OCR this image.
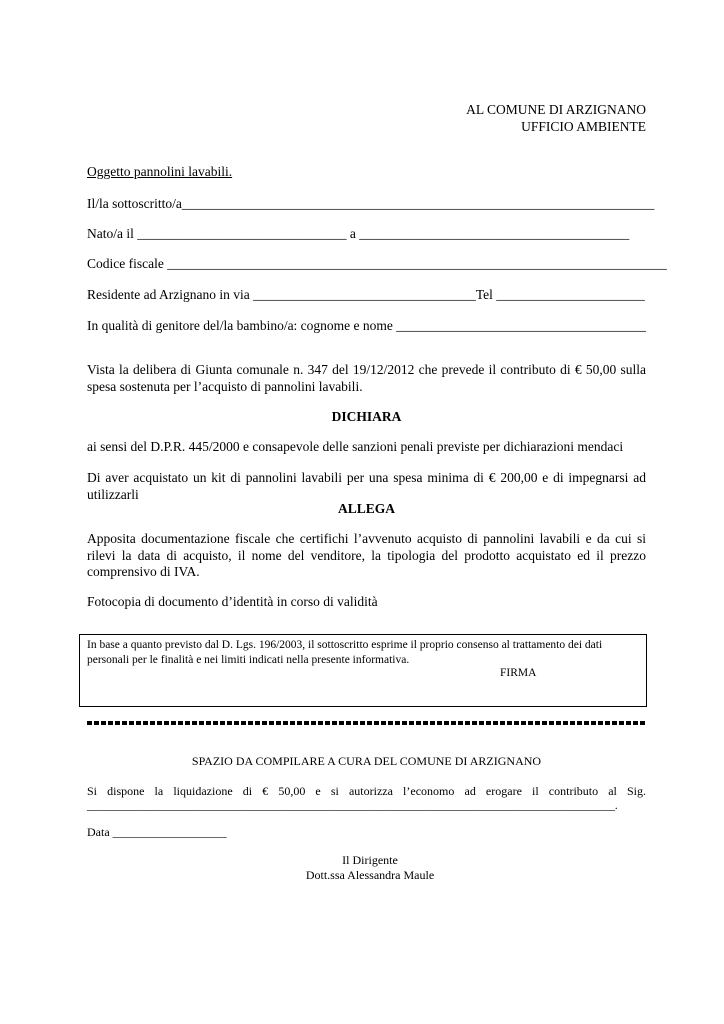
AL COMUNE DI ARZIGNANO
UFFICIO AMBIENTE
Oggetto pannolini lavabili.
Il/la sottoscritto/a______________________________________________________________________
Nato/a il _______________________________ a ________________________________________
Codice fiscale __________________________________________________________________________
Residente ad Arzignano in via _________________________________Tel ______________________
In qualità di genitore del/la bambino/a: cognome e nome _____________________________________
Vista la delibera di Giunta comunale n. 347 del 19/12/2012 che prevede il contributo di € 50,00 sulla spesa sostenuta per l’acquisto di pannolini lavabili.
DICHIARA
ai sensi del D.P.R. 445/2000 e consapevole delle sanzioni penali previste per dichiarazioni mendaci
Di aver acquistato un kit di pannolini lavabili per una spesa minima di € 200,00 e di impegnarsi ad utilizzarli
ALLEGA
Apposita documentazione fiscale che certifichi l’avvenuto acquisto di pannolini lavabili e da cui si rilevi la data di acquisto, il nome del venditore, la tipologia del prodotto acquistato ed il prezzo comprensivo di IVA.
Fotocopia di documento d’identità in corso di validità
In base a quanto previsto dal D. Lgs. 196/2003, il sottoscritto esprime il proprio consenso al trattamento dei dati personali per le finalità e nei limiti indicati nella presente informativa.
FIRMA
SPAZIO DA COMPILARE A CURA DEL COMUNE DI ARZIGNANO
Si dispone la liquidazione di € 50,00 e si autorizza l’economo ad erogare il contributo al Sig.
___________________________________________________________________________________________.
Data ___________________
Il Dirigente
Dott.ssa Alessandra Maule
